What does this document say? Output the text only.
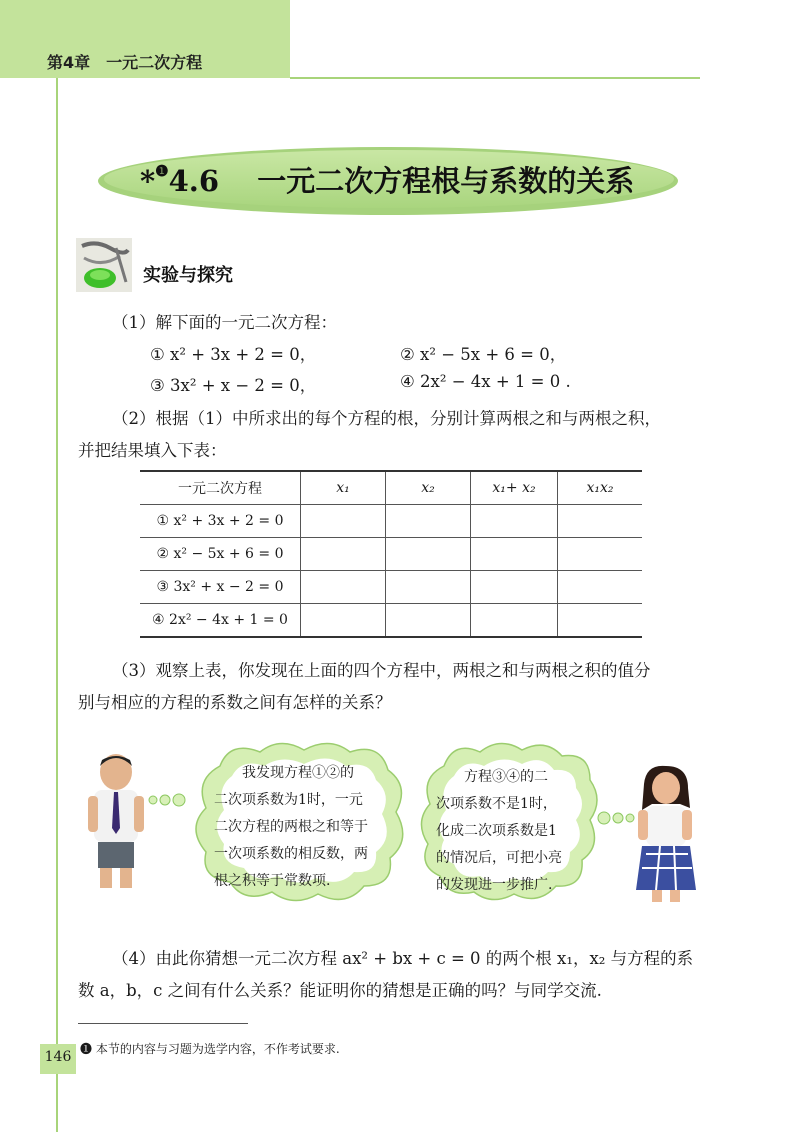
第4章　一元二次方程
*$^❶$4.6 一元二次方程根与系数的关系
实验与探究
（1）解下面的一元二次方程：
① x² + 3x + 2 = 0，	② x² − 5x + 6 = 0，
③ 3x² + x − 2 = 0，	④ 2x² − 4x + 1 = 0 .
（2）根据（1）中所求出的每个方程的根，分别计算两根之和与两根之积，
并把结果填入下表：
一元二次方程	x₁	x₂	x₁+ x₂	x₁x₂
① x² + 3x + 2 = 0				
② x² − 5x + 6 = 0				
③ 3x² + x − 2 = 0				
④ 2x² − 4x + 1 = 0				
（3）观察上表，你发现在上面的四个方程中，两根之和与两根之积的值分
别与相应的方程的系数之间有怎样的关系？
　　我发现方程①②的
二次项系数为1时，一元
二次方程的两根之和等于
一次项系数的相反数，两
根之积等于常数项.
　　方程③④的二
次项系数不是1时，
化成二次项系数是1
的情况后，可把小亮
的发现进一步推广.
（4）由此你猜想一元二次方程 ax² + bx + c = 0 的两个根 x₁，x₂ 与方程的系
数 a，b，c 之间有什么关系？能证明你的猜想是正确的吗？与同学交流.
❶ 本节的内容与习题为选学内容，不作考试要求.
146
